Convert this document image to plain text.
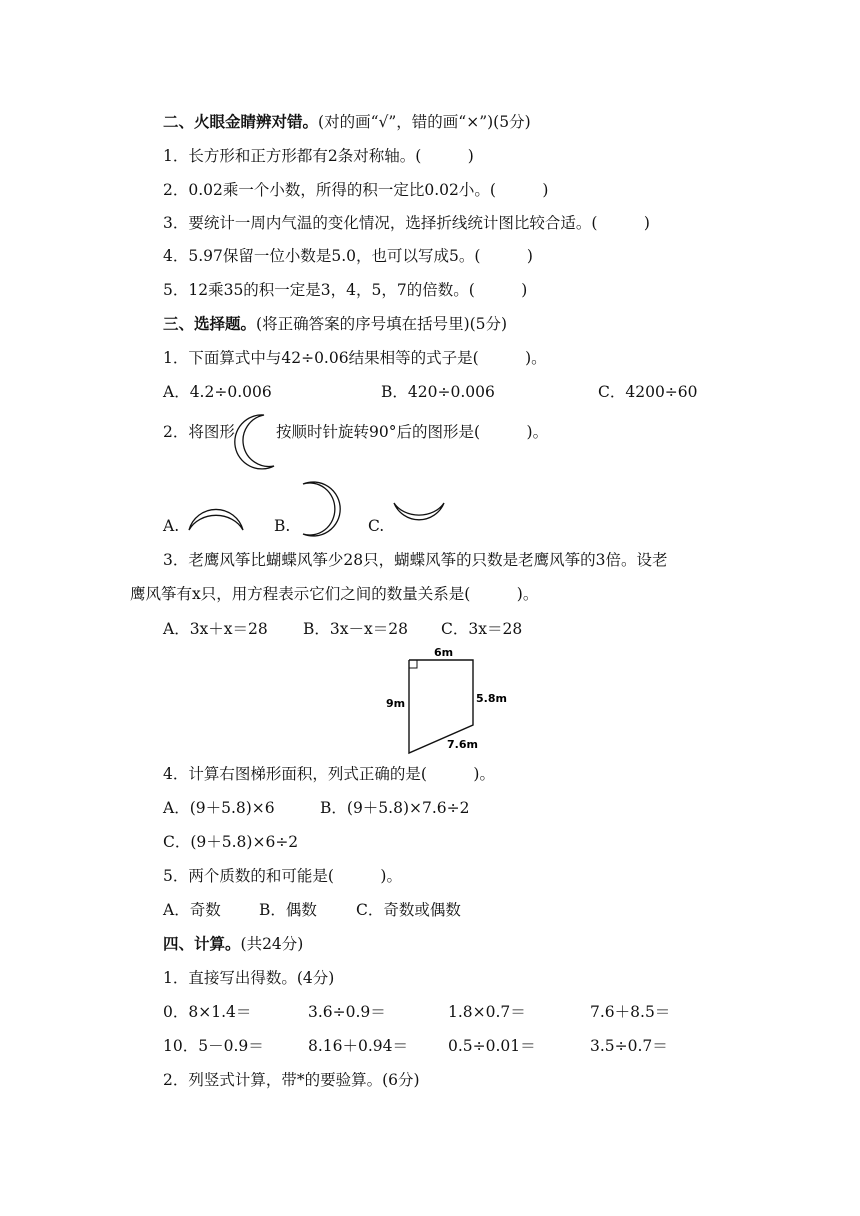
二、火眼金睛辨对错。(对的画“√”，错的画“×”)(5分)
1．长方形和正方形都有2条对称轴。(　　　)
2．0.02乘一个小数，所得的积一定比0.02小。(　　　)
3．要统计一周内气温的变化情况，选择折线统计图比较合适。(　　　)
4．5.97保留一位小数是5.0，也可以写成5。(　　　)
5．12乘35的积一定是3，4，5，7的倍数。(　　　)
三、选择题。(将正确答案的序号填在括号里)(5分)
1．下面算式中与42÷0.06结果相等的式子是(　　　)。
A．4.2÷0.006	B．420÷0.006	C．4200÷60
2．将图形	按顺时针旋转90°后的图形是(　　　)。
A.	B.	C.
3．老鹰风筝比蝴蝶风筝少28只，蝴蝶风筝的只数是老鹰风筝的3倍。设老
鹰风筝有x只，用方程表示它们之间的数量关系是(　　　)。
A．3x＋x＝28 B．3x－x＝28 C．3x＝28
6m
9m	5.8m
7.6m
4．计算右图梯形面积，列式正确的是(　　　)。
A．(9＋5.8)×6	B．(9＋5.8)×7.6÷2
C．(9＋5.8)×6÷2
5．两个质数的和可能是(　　　)。
A．奇数 B．偶数	C．奇数或偶数
四、计算。(共24分)
1．直接写出得数。(4分)
0．8×1.4＝	3.6÷0.9＝	1.8×0.7＝	7.6＋8.5＝
10．5－0.9＝	8.16＋0.94＝	0.5÷0.01＝	3.5÷0.7＝
2．列竖式计算，带*的要验算。(6分)
